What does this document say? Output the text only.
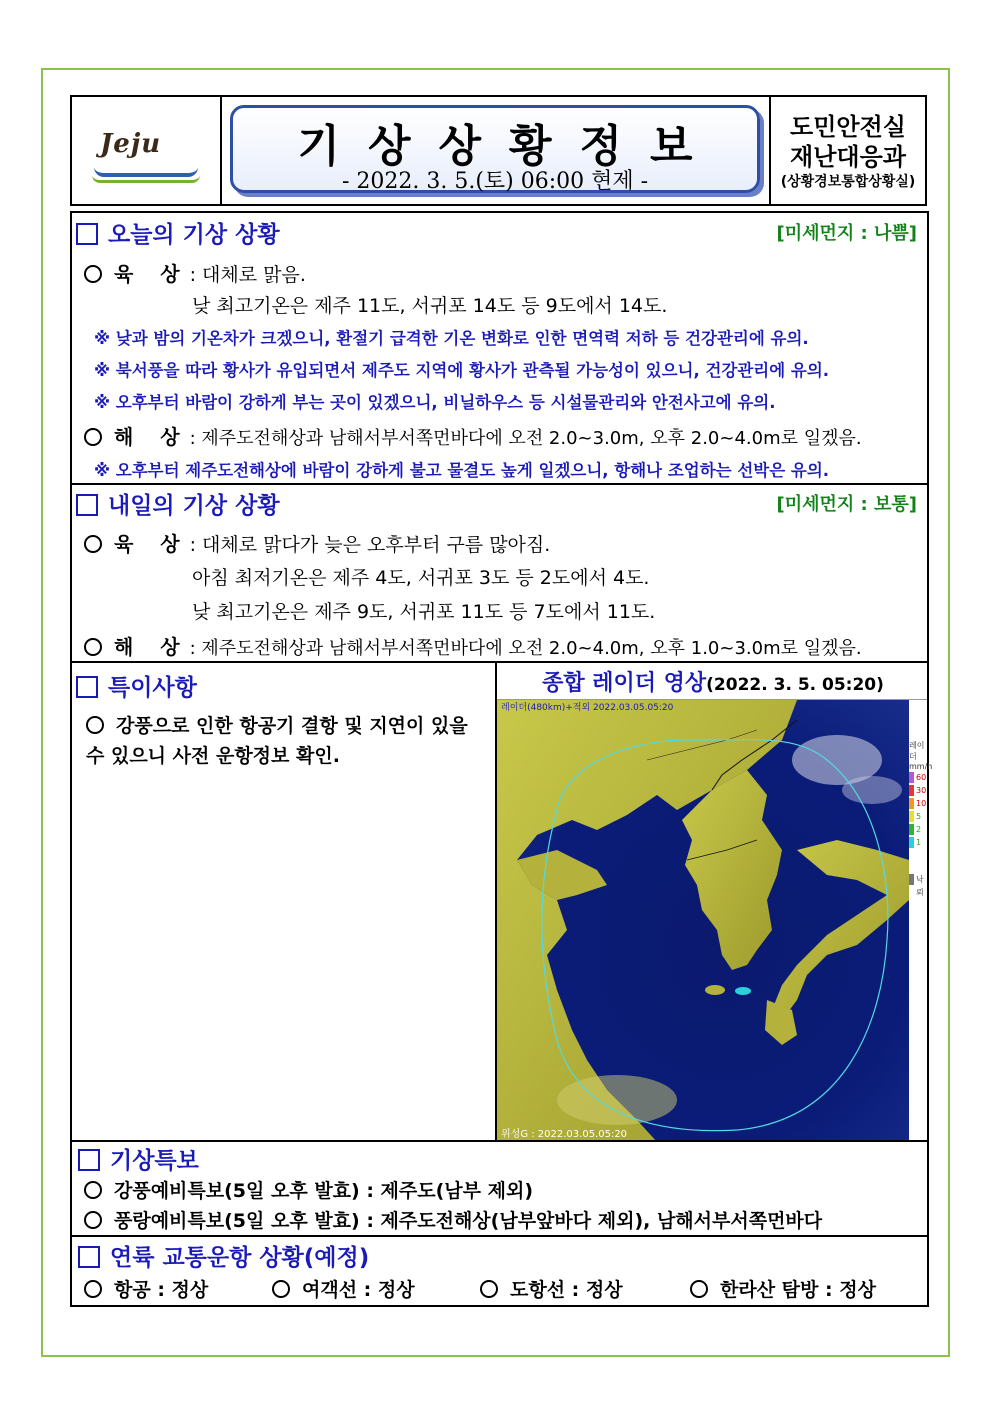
Jeju	기상상황정보
- 2022. 3. 5.(토) 06:00 현제 -
도민안전실
재난대응과
(상황경보통합상황실)
오늘의 기상 상황	[미세먼지 : 나쁨]
육 상: 대체로 맑음.
낮 최고기온은 제주 11도, 서귀포 14도 등 9도에서 14도.
※ 낮과 밤의 기온차가 크겠으니, 환절기 급격한 기온 변화로 인한 면역력 저하 등 건강관리에 유의.
※ 북서풍을 따라 황사가 유입되면서 제주도 지역에 황사가 관측될 가능성이 있으니, 건강관리에 유의.
※ 오후부터 바람이 강하게 부는 곳이 있겠으니, 비닐하우스 등 시설물관리와 안전사고에 유의.
해 상: 제주도전해상과 남해서부서쪽먼바다에 오전 2.0~3.0m, 오후 2.0~4.0m로 일겠음.
※ 오후부터 제주도전해상에 바람이 강하게 불고 물결도 높게 일겠으니, 항해나 조업하는 선박은 유의.
내일의 기상 상황	[미세먼지 : 보통]
육 상: 대체로 맑다가 늦은 오후부터 구름 많아짐.
아침 최저기온은 제주 4도, 서귀포 3도 등 2도에서 4도.
낮 최고기온은 제주 9도, 서귀포 11도 등 7도에서 11도.
해 상: 제주도전해상과 남해서부서쪽먼바다에 오전 2.0~4.0m, 오후 1.0~3.0m로 일겠음.
특이사항
강풍으로 인한 항공기 결항 및 지연이 있을 수 있으니 사전 운항정보 확인.
종합 레이더 영상(2022. 3. 5. 05:20)
레이더(480km)+적외 2022.03.05.05:20
위성G : 2022.03.05.05:20
레이더
mm/h
60
30
10
5
2
1
낙뢰
기상특보
강풍예비특보(5일 오후 발효) : 제주도(남부 제외)
풍랑예비특보(5일 오후 발효) : 제주도전해상(남부앞바다 제외), 남해서부서쪽먼바다
연륙 교통운항 상황(예정)
항공 : 정상	여객선 : 정상	도항선 : 정상	한라산 탐방 : 정상
